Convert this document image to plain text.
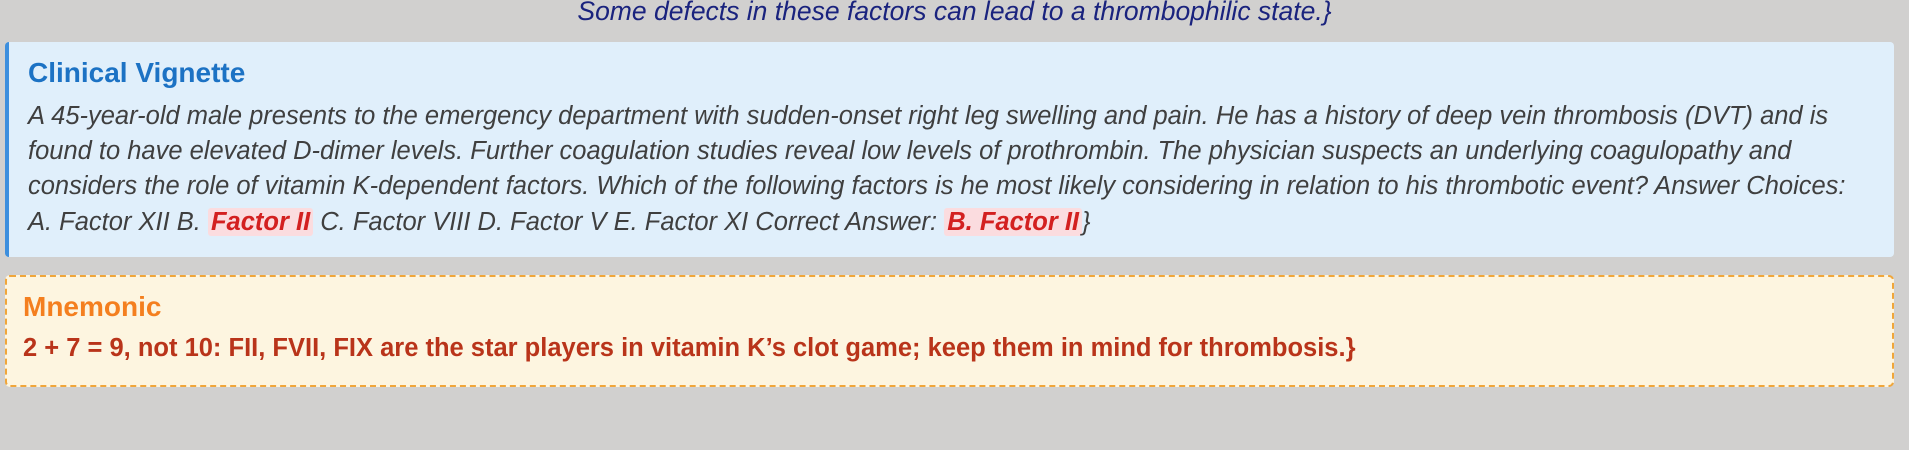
Some defects in these factors can lead to a thrombophilic state.}
Clinical Vignette

A 45-year-old male presents to the emergency department with sudden-onset right leg swelling and pain. He has a history of deep vein thrombosis (DVT) and is found to have elevated D-dimer levels. Further coagulation studies reveal low levels of prothrombin. The physician suspects an underlying coagulopathy and considers the role of vitamin K-dependent factors. Which of the following factors is he most likely considering in relation to his thrombotic event? Answer Choices: A. Factor XII B. Factor II C. Factor VIII D. Factor V E. Factor XI Correct Answer: B. Factor II }

Mnemonic

2 + 7 = 9, not 10: FII, FVII, FIX are the star players in vitamin K’s clot game; keep them in mind for thrombosis.}
